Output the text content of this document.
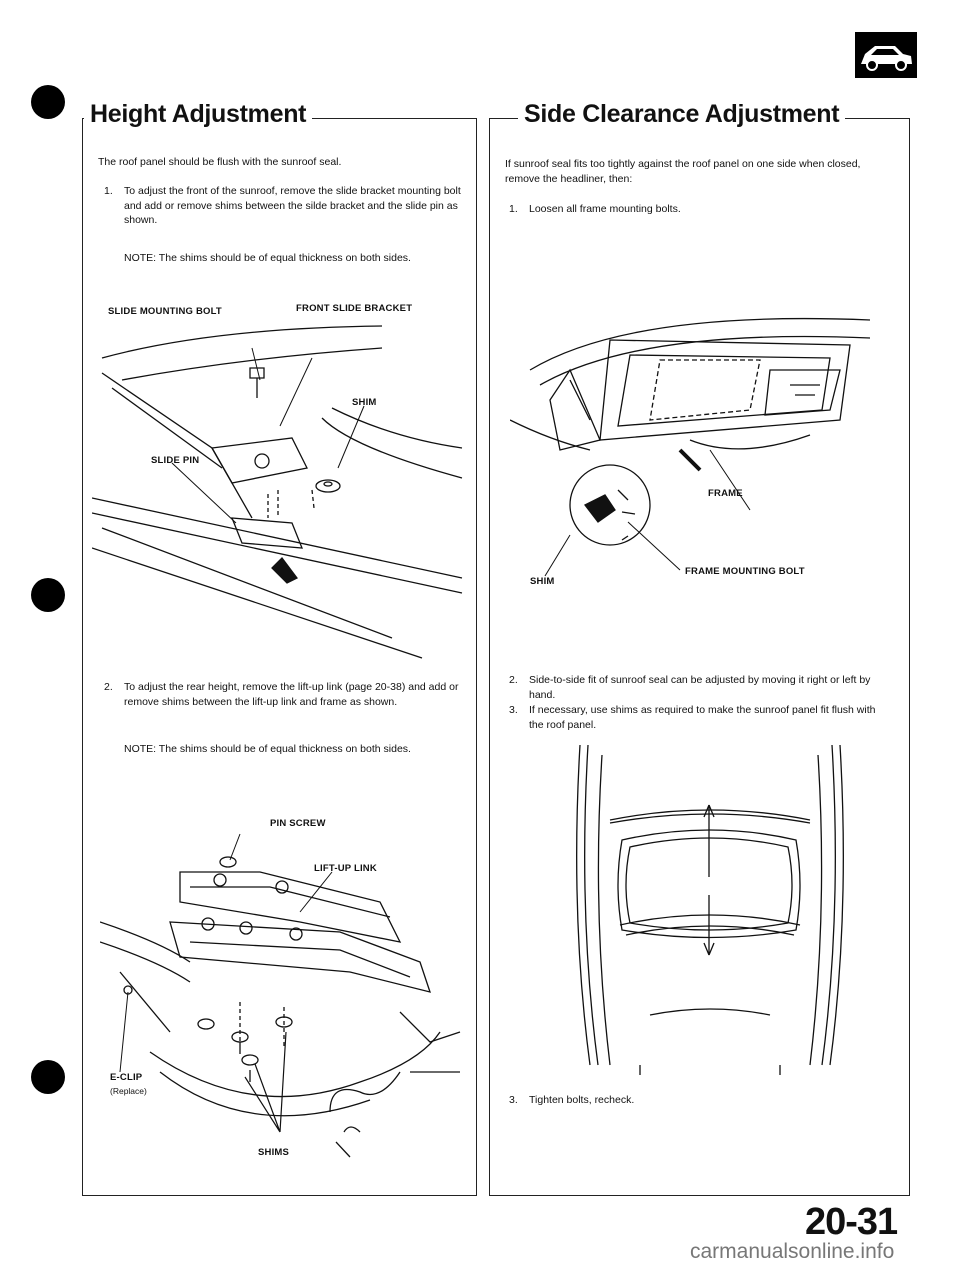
Height Adjustment
The roof panel should be flush with the sunroof seal.
1. To adjust the front of the sunroof, remove the slide bracket mounting bolt and add or remove shims between the silde bracket and the slide pin as shown.
NOTE: The shims should be of equal thickness on both sides.
SLIDE MOUNTING BOLT	FRONT SLIDE BRACKET
SHIM
SLIDE PIN
2. To adjust the rear height, remove the lift-up link (page 20-38) and add or remove shims between the lift-up link and frame as shown.
NOTE: The shims should be of equal thickness on both sides.
PIN SCREW
LIFT-UP LINK
E-CLIP
(Replace)
SHIMS
Side Clearance Adjustment
If sunroof seal fits too tightly against the roof panel on one side when closed, remove the headliner, then:
1. Loosen all frame mounting bolts.
FRAME
FRAME MOUNTING BOLT
SHIM
2. Side-to-side fit of sunroof seal can be adjusted by moving it right or left by hand.
3. If necessary, use shims as required to make the sunroof panel fit flush with the roof panel.
3. Tighten bolts, recheck.
20-31
carmanualsonline.info
